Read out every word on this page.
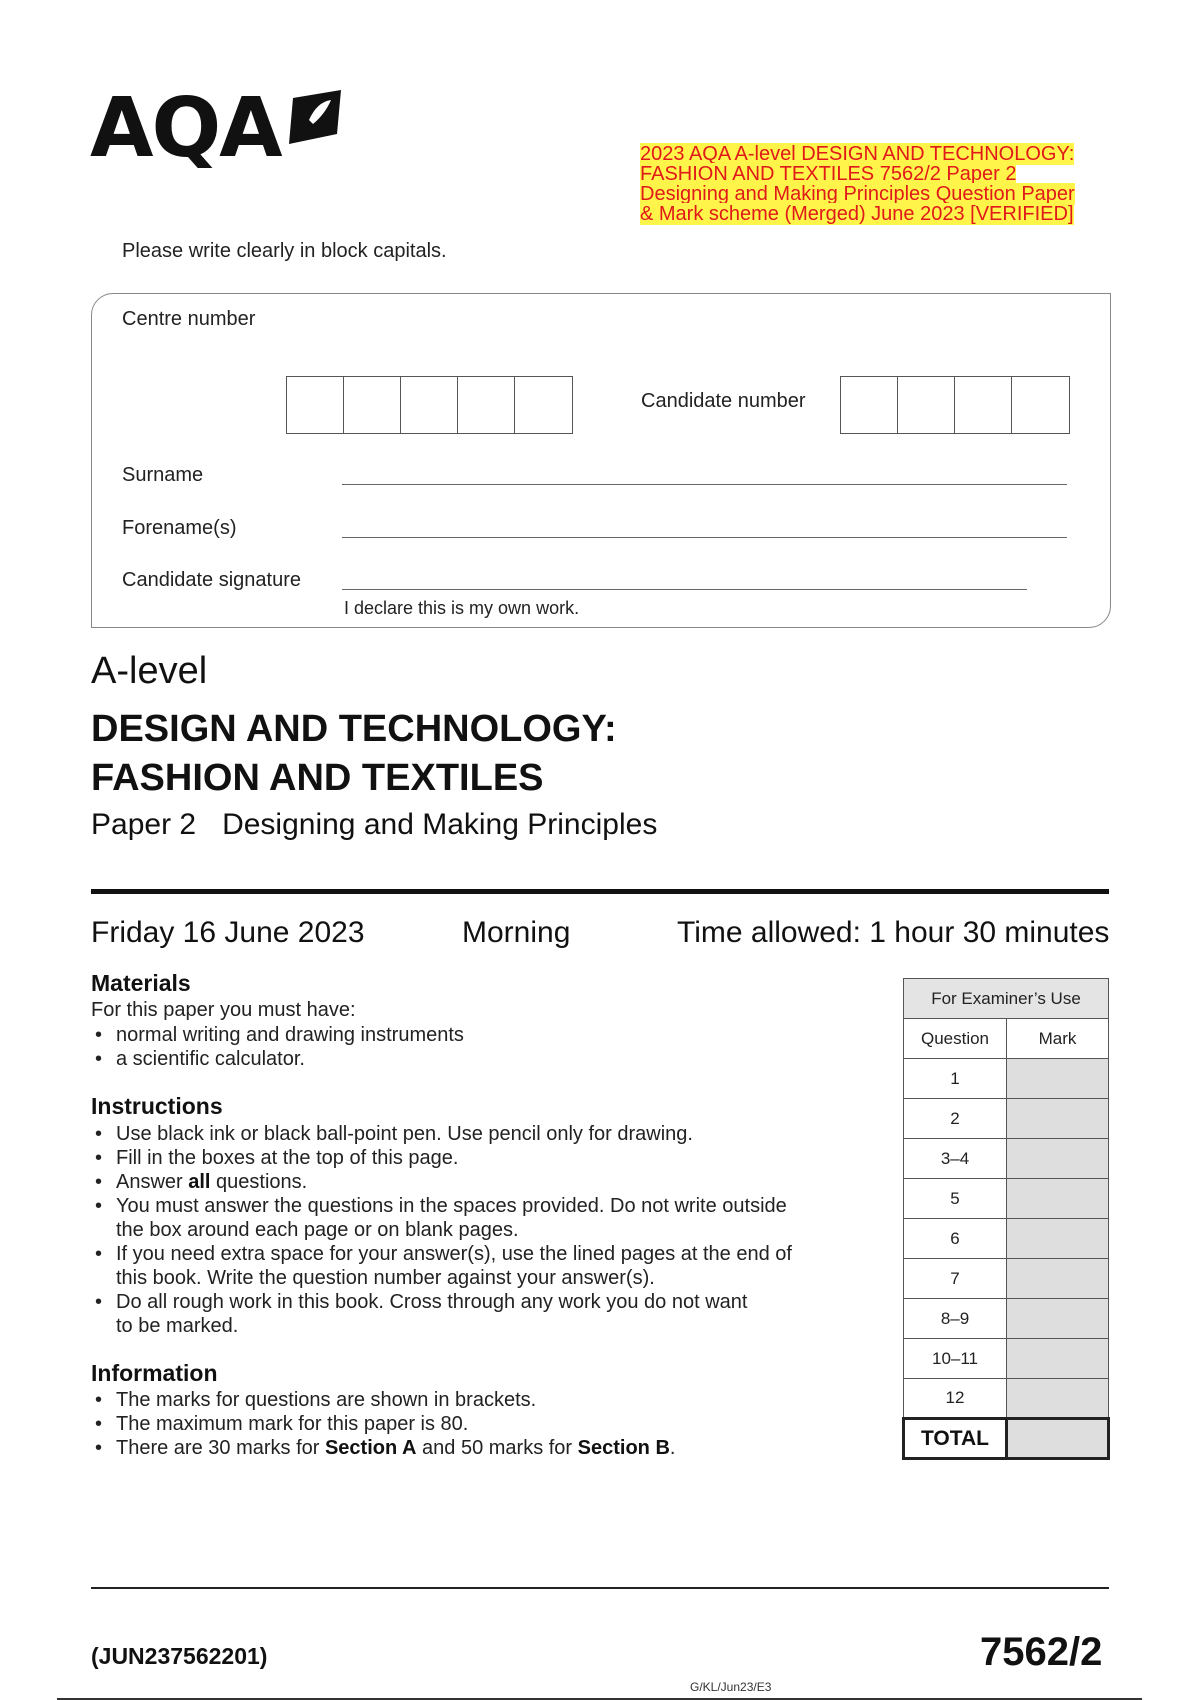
AQA	2023 AQA A-level DESIGN AND TECHNOLOGY: FASHION AND TEXTILES 7562/2 Paper 2 Designing and Making Principles Question Paper & Mark scheme (Merged) June 2023 [VERIFIED]
Please write clearly in block capitals.
Centre number
Candidate number
Surname
Forename(s)
Candidate signature
I declare this is my own work.
A-level
DESIGN AND TECHNOLOGY:
FASHION AND TEXTILES
Paper 2 Designing and Making Principles
Friday 16 June 2023	Morning	Time allowed: 1 hour 30 minutes
Materials
For this paper you must have:
• normal writing and drawing instruments
• a scientific calculator.
Instructions
• Use black ink or black ball-point pen. Use pencil only for drawing.
• Fill in the boxes at the top of this page.
• Answer all questions.
• You must answer the questions in the spaces provided. Do not write outside
the box around each page or on blank pages.
• If you need extra space for your answer(s), use the lined pages at the end of
this book. Write the question number against your answer(s).
• Do all rough work in this book. Cross through any work you do not want
to be marked.
Information
• The marks for questions are shown in brackets.
• The maximum mark for this paper is 80.
• There are 30 marks for Section A and 50 marks for Section B.
For Examiner’s Use	
Question	Mark
1	
2	
3–4	
5	
6	
7	
8–9	
10–11	
12	
TOTAL	
(JUN237562201)	7562/2
G/KL/Jun23/E3
